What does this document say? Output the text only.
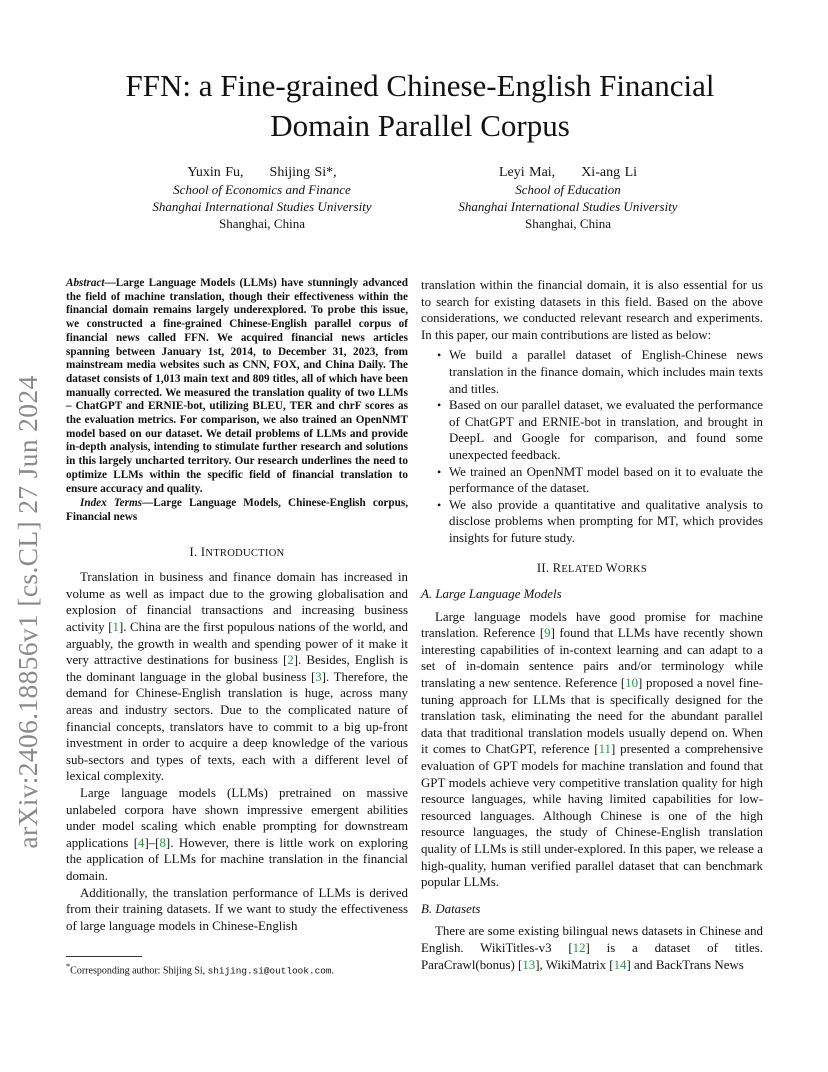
arXiv:2406.18856v1 [cs.CL] 27 Jun 2024
FFN: a Fine-grained Chinese-English Financial
Domain Parallel Corpus
Yuxin Fu, Shijing Si*,
School of Economics and Finance
Shanghai International Studies University
Shanghai, China
Leyi Mai, Xi-ang Li
School of Education
Shanghai International Studies University
Shanghai, China
Abstract—Large Language Models (LLMs) have stunningly advanced the field of machine translation, though their effectiveness within the financial domain remains largely underexplored. To probe this issue, we constructed a fine-grained Chinese-English parallel corpus of financial news called FFN. We acquired financial news articles spanning between January 1st, 2014, to December 31, 2023, from mainstream media websites such as CNN, FOX, and China Daily. The dataset consists of 1,013 main text and 809 titles, all of which have been manually corrected. We measured the translation quality of two LLMs – ChatGPT and ERNIE-bot, utilizing BLEU, TER and chrF scores as the evaluation metrics. For comparison, we also trained an OpenNMT model based on our dataset. We detail problems of LLMs and provide in-depth analysis, intending to stimulate further research and solutions in this largely uncharted territory. Our research underlines the need to optimize LLMs within the specific field of financial translation to ensure accuracy and quality.
Index Terms—Large Language Models, Chinese-English corpus, Financial news
I. INTRODUCTION

Translation in business and finance domain has increased in volume as well as impact due to the growing globalisation and explosion of financial transactions and increasing business activity [1]. China are the first populous nations of the world, and arguably, the growth in wealth and spending power of it make it very attractive destinations for business [2]. Besides, English is the dominant language in the global business [3]. Therefore, the demand for Chinese-English translation is huge, across many areas and industry sectors. Due to the complicated nature of financial concepts, translators have to commit to a big up-front investment in order to acquire a deep knowledge of the various sub-sectors and types of texts, each with a different level of lexical complexity.

Large language models (LLMs) pretrained on massive unlabeled corpora have shown impressive emergent abilities under model scaling which enable prompting for downstream applications [4]–[8]. However, there is little work on exploring the application of LLMs for machine translation in the financial domain.

Additionally, the translation performance of LLMs is derived from their training datasets. If we want to study the effectiveness of large language models in Chinese-English

*Corresponding author: Shijing Si, shijing.si@outlook.com.

translation within the financial domain, it is also essential for us to search for existing datasets in this field. Based on the above considerations, we conducted relevant research and experiments. In this paper, our main contributions are listed as below:

• We build a parallel dataset of English-Chinese news translation in the finance domain, which includes main texts and titles.
• Based on our parallel dataset, we evaluated the performance of ChatGPT and ERNIE-bot in translation, and brought in DeepL and Google for comparison, and found some unexpected feedback.
• We trained an OpenNMT model based on it to evaluate the performance of the dataset.
• We also provide a quantitative and qualitative analysis to disclose problems when prompting for MT, which provides insights for future study.
II. RELATED WORKS
A. Large Language Models

Large language models have good promise for machine translation. Reference [9] found that LLMs have recently shown interesting capabilities of in-context learning and can adapt to a set of in-domain sentence pairs and/or terminology while translating a new sentence. Reference [10] proposed a novel fine-tuning approach for LLMs that is specifically designed for the translation task, eliminating the need for the abundant parallel data that traditional translation models usually depend on. When it comes to ChatGPT, reference [11] presented a comprehensive evaluation of GPT models for machine translation and found that GPT models achieve very competitive translation quality for high resource languages, while having limited capabilities for low-resourced languages. Although Chinese is one of the high resource languages, the study of Chinese-English translation quality of LLMs is still under-explored. In this paper, we release a high-quality, human verified parallel dataset that can benchmark popular LLMs.

B. Datasets

There are some existing bilingual news datasets in Chinese and English. WikiTitles-v3 [12] is a dataset of titles. ParaCrawl(bonus) [13], WikiMatrix [14] and BackTrans News
